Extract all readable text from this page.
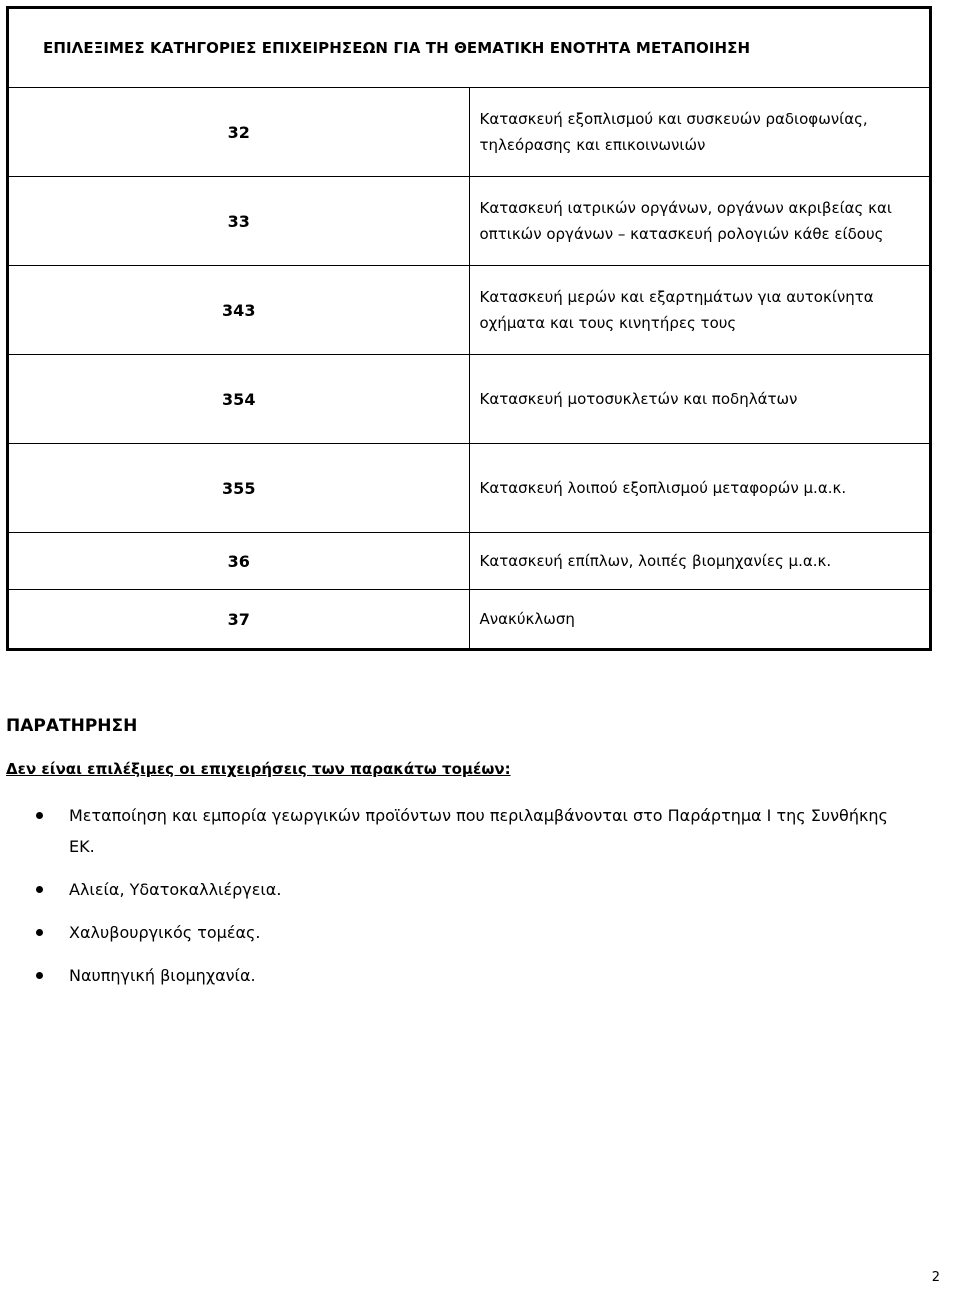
ΕΠΙΛΕΞΙΜΕΣ ΚΑΤΗΓΟΡΙΕΣ ΕΠΙΧΕΙΡΗΣΕΩΝ ΓΙΑ ΤΗ ΘΕΜΑΤΙΚΗ ΕΝΟΤΗΤΑ ΜΕΤΑΠΟΙΗΣΗ	
32	Κατασκευή εξοπλισμού και συσκευών ραδιοφωνίας, τηλεόρασης και επικοινωνιών
33	Κατασκευή ιατρικών οργάνων, οργάνων ακριβείας και οπτικών οργάνων – κατασκευή ρολογιών κάθε είδους
343	Κατασκευή μερών και εξαρτημάτων για αυτοκίνητα οχήματα και τους κινητήρες τους
354	Κατασκευή μοτοσυκλετών και ποδηλάτων
355	Κατασκευή λοιπού εξοπλισμού μεταφορών μ.α.κ.
36	Κατασκευή επίπλων, λοιπές βιομηχανίες μ.α.κ.
37	Ανακύκλωση
ΠΑΡΑΤΗΡΗΣΗ
Δεν είναι επιλέξιμες οι επιχειρήσεις των παρακάτω τομέων:
Μεταποίηση και εμπορία γεωργικών προϊόντων που περιλαμβάνονται στο Παράρτημα Ι της Συνθήκης ΕΚ.
Αλιεία, Υδατοκαλλιέργεια.
Χαλυβουργικός τομέας.
Ναυπηγική βιομηχανία.
2
